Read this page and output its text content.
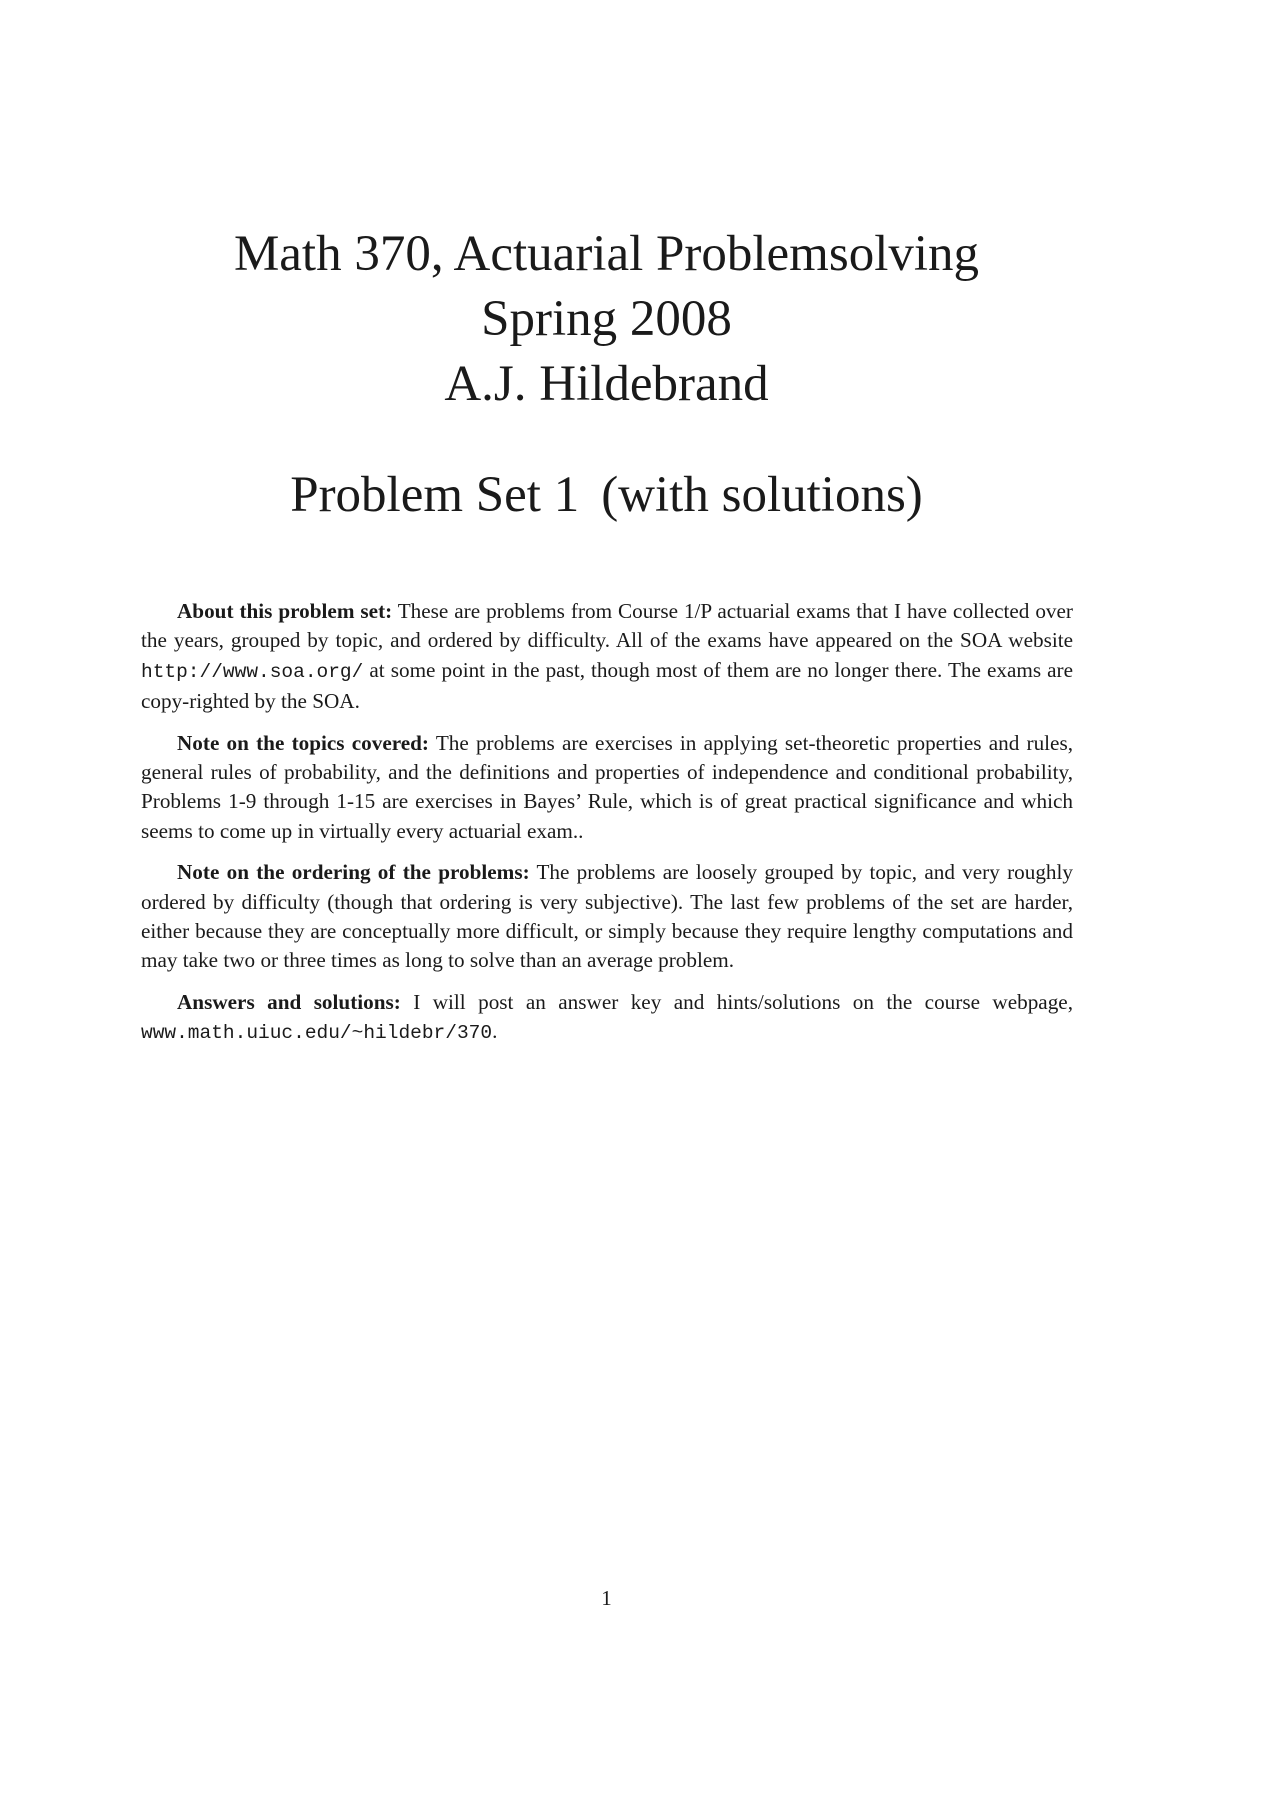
Math 370, Actuarial Problemsolving
Spring 2008
A.J. Hildebrand
Problem Set 1 (with solutions)

About this problem set: These are problems from Course 1/P actuarial exams that I have collected over the years, grouped by topic, and ordered by difficulty. All of the exams have appeared on the SOA website http://www.soa.org/ at some point in the past, though most of them are no longer there. The exams are copy-righted by the SOA.

Note on the topics covered: The problems are exercises in applying set-theoretic properties and rules, general rules of probability, and the definitions and properties of independence and conditional probability, Problems 1-9 through 1-15 are exercises in Bayes’ Rule, which is of great practical significance and which seems to come up in virtually every actuarial exam..

Note on the ordering of the problems: The problems are loosely grouped by topic, and very roughly ordered by difficulty (though that ordering is very subjective). The last few problems of the set are harder, either because they are conceptually more difficult, or simply because they require lengthy computations and may take two or three times as long to solve than an average problem.

Answers and solutions: I will post an answer key and hints/solutions on the course webpage, www.math.uiuc.edu/~hildebr/370.

1
